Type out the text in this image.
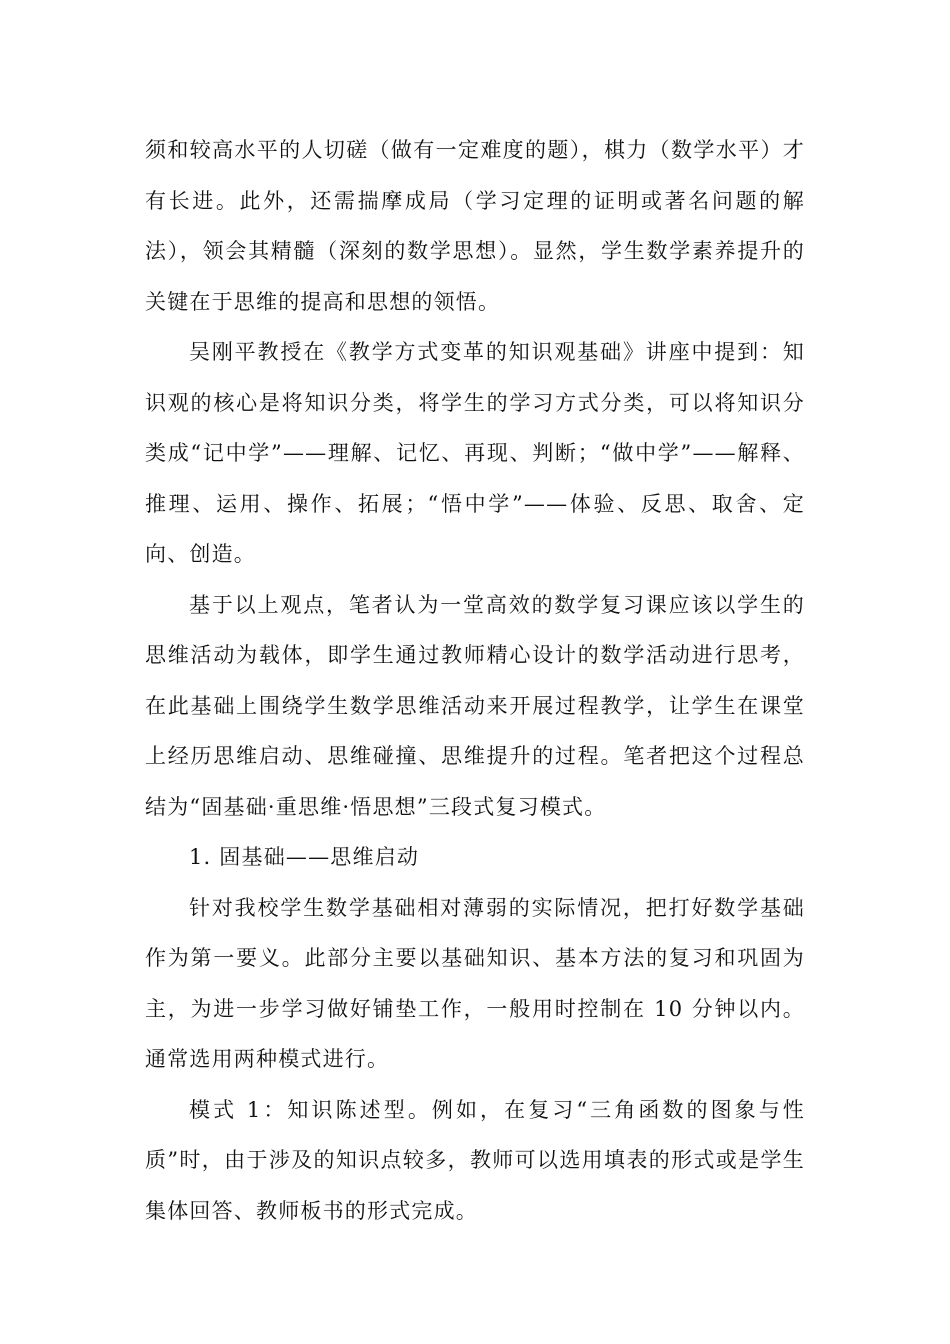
须和较高水平的人切磋（做有一定难度的题），棋力（数学水平）才有长进。此外，还需揣摩成局（学习定理的证明或著名问题的解法），领会其精髓（深刻的数学思想）。显然，学生数学素养提升的关键在于思维的提高和思想的领悟。

吴刚平教授在《教学方式变革的知识观基础》讲座中提到：知识观的核心是将知识分类，将学生的学习方式分类，可以将知识分类成“记中学”——理解、记忆、再现、判断；“做中学”——解释、推理、运用、操作、拓展；“悟中学”——体验、反思、取舍、定向、创造。

基于以上观点，笔者认为一堂高效的数学复习课应该以学生的思维活动为载体，即学生通过教师精心设计的数学活动进行思考，在此基础上围绕学生数学思维活动来开展过程教学，让学生在课堂上经历思维启动、思维碰撞、思维提升的过程。笔者把这个过程总结为“固基础·重思维·悟思想”三段式复习模式。

1. 固基础——思维启动

针对我校学生数学基础相对薄弱的实际情况，把打好数学基础作为第一要义。此部分主要以基础知识、基本方法的复习和巩固为主，为进一步学习做好铺垫工作，一般用时控制在 10 分钟以内。通常选用两种模式进行。

模式 1：知识陈述型。例如，在复习“三角函数的图象与性质”时，由于涉及的知识点较多，教师可以选用填表的形式或是学生集体回答、教师板书的形式完成。
